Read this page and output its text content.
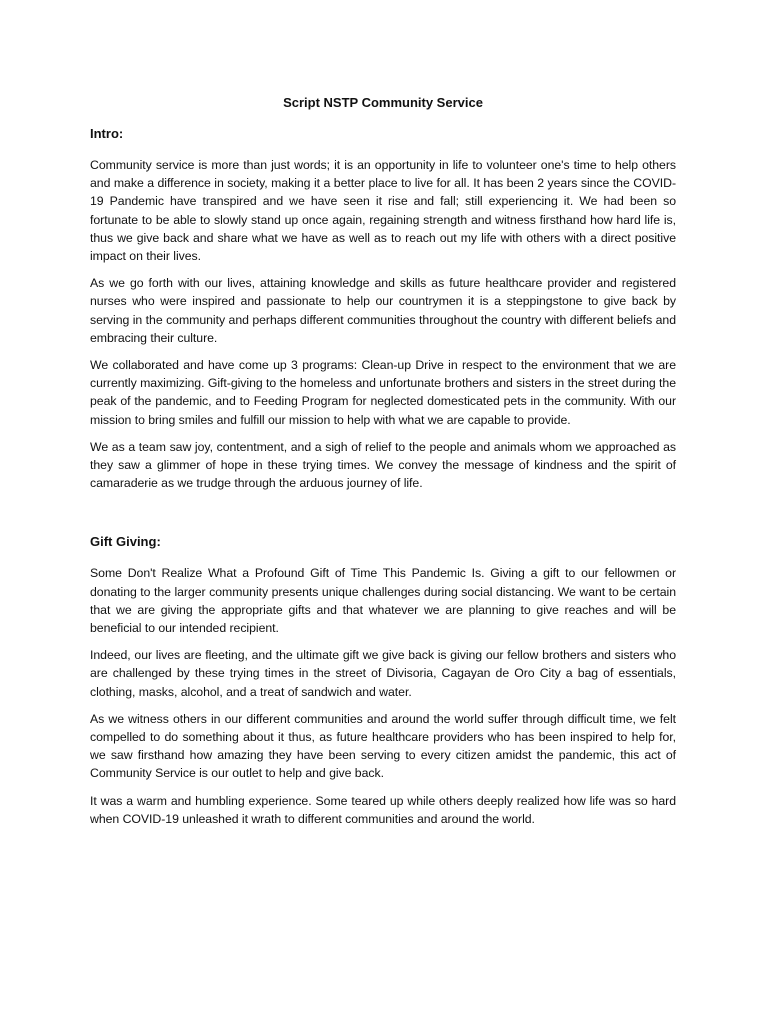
Script NSTP Community Service
Intro:

Community service is more than just words; it is an opportunity in life to volunteer one's time to help others and make a difference in society, making it a better place to live for all. It has been 2 years since the COVID-19 Pandemic have transpired and we have seen it rise and fall; still experiencing it. We had been so fortunate to be able to slowly stand up once again, regaining strength and witness firsthand how hard life is, thus we give back and share what we have as well as to reach out my life with others with a direct positive impact on their lives.

As we go forth with our lives, attaining knowledge and skills as future healthcare provider and registered nurses who were inspired and passionate to help our countrymen it is a steppingstone to give back by serving in the community and perhaps different communities throughout the country with different beliefs and embracing their culture.

We collaborated and have come up 3 programs: Clean-up Drive in respect to the environment that we are currently maximizing. Gift-giving to the homeless and unfortunate brothers and sisters in the street during the peak of the pandemic, and to Feeding Program for neglected domesticated pets in the community. With our mission to bring smiles and fulfill our mission to help with what we are capable to provide.

We as a team saw joy, contentment, and a sigh of relief to the people and animals whom we approached as they saw a glimmer of hope in these trying times. We convey the message of kindness and the spirit of camaraderie as we trudge through the arduous journey of life.

Gift Giving:

Some Don't Realize What a Profound Gift of Time This Pandemic Is. Giving a gift to our fellowmen or donating to the larger community presents unique challenges during social distancing. We want to be certain that we are giving the appropriate gifts and that whatever we are planning to give reaches and will be beneficial to our intended recipient.

Indeed, our lives are fleeting, and the ultimate gift we give back is giving our fellow brothers and sisters who are challenged by these trying times in the street of Divisoria, Cagayan de Oro City a bag of essentials, clothing, masks, alcohol, and a treat of sandwich and water.

As we witness others in our different communities and around the world suffer through difficult time, we felt compelled to do something about it thus, as future healthcare providers who has been inspired to help for, we saw firsthand how amazing they have been serving to every citizen amidst the pandemic, this act of Community Service is our outlet to help and give back.

It was a warm and humbling experience. Some teared up while others deeply realized how life was so hard when COVID-19 unleashed it wrath to different communities and around the world.
